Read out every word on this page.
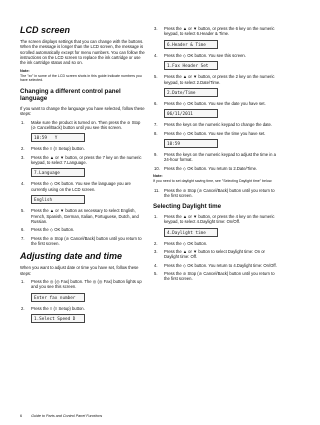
LCD screen

The screen displays settings that you can change with the buttons. When the message is longer than the LCD screen, the message is scrolled automatically except for menu numbers. You can follow the instructions on the LCD screen to replace the ink cartridge or use the ink cartridge status and so on.

Note:

The "xx" in some of the LCD screen shots in this guide indicate numbers you have selected.

Changing a different control panel language

If you want to change the language you have selected, follow these steps:

1. Make sure the product is turned on. Then press the ⊘ Stop (⊘ Cancel/Back) button until you see this screen.
10:59   Y
2. Press the ≡ (≡ Setup) button.
3. Press the ▲ or ▼ button, or press the 7 key on the numeric keypad, to select 7.Language.
7.Language
4. Press the ◇ OK button. You see the language you are currently using on the LCD screen.
English
5. Press the ▲ or ▼ button as necessary to select English, French, Spanish, German, Italian, Portuguese, Dutch, and Russian.
6. Press the ◇ OK button.
7. Press the ⊘ Stop (⊘ Cancel/Back) button until you return to the first screen.
Adjusting date and time

When you want to adjust date or time you have set, follow these steps:

1. Press the ◎ (◎ Fax) button. The ◎ (◎ Fax) button lights up and you see this screen.
Enter fax number
2. Press the ≡ (≡ Setup) button.
1.Select Speed D
3. Press the ▲ or ▼ button, or press the 6 key on the numeric keypad, to select 6.Header & Time.
6.Header & Time
4. Press the ◇ OK button. You see this screen.
1.Fax Header Set
5. Press the ▲ or ▼ button, or press the 2 key on the numeric keypad, to select 2.Date/Time.
2.Date/Time
6. Press the ◇ OK button. You see the date you have set.
06/11/2011
7. Press the keys on the numeric keypad to change the date.
8. Press the ◇ OK button. You see the time you have set.
10:59
9. Press the keys on the numeric keypad to adjust the time in a 24-hour format.
10. Press the ◇ OK button. You return to 2.Date/Time.

Note:

If you need to set daylight saving time, see "Selecting Daylight time" below.

11. Press the ⊘ Stop (⊘ Cancel/Back) button until you return to the first screen.
Selecting Daylight time
1. Press the ▲ or ▼ button, or press the 4 key on the numeric keypad, to select 4.Daylight time: On/Off.
4.Daylight time
2. Press the ◇ OK button.
3. Press the ▲ or ▼ button to select Daylight time: On or Daylight time: Off.
4. Press the ◇ OK button. You return to 4.Daylight time: On/Off.
5. Press the ⊘ Stop (⊘ Cancel/Back) button until you return to the first screen.
6 Guide to Parts and Control Panel Functions
